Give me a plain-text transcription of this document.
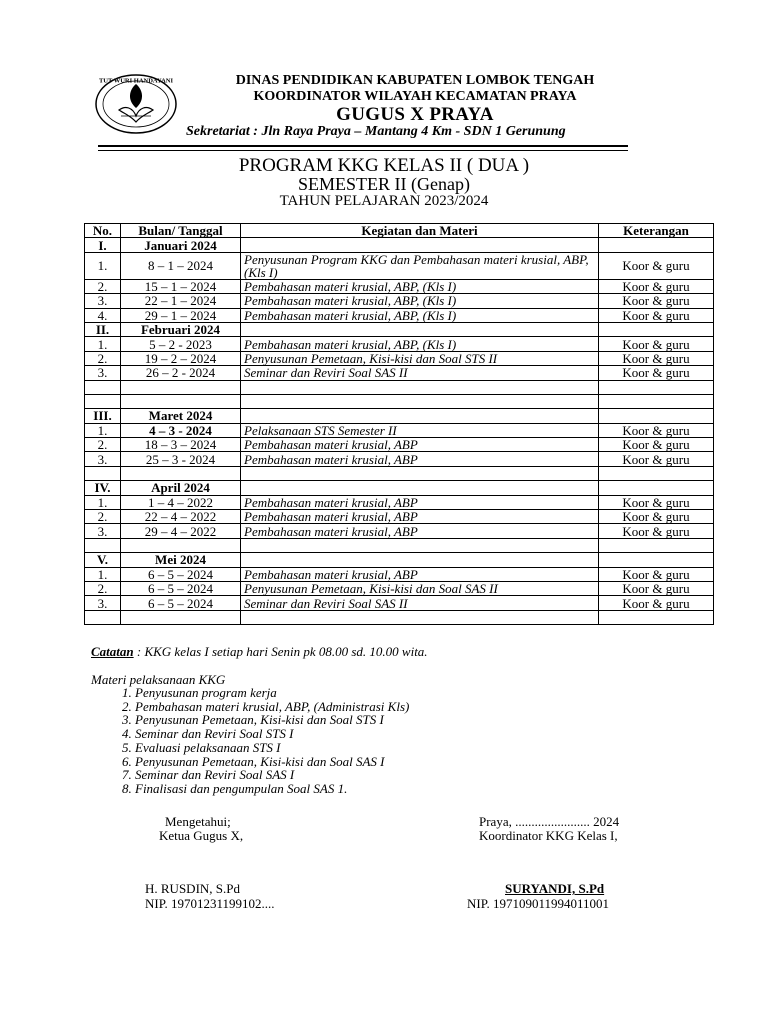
TUT WURI HANDAYANI	DINAS PENDIDIKAN KABUPATEN LOMBOK TENGAH
KOORDINATOR WILAYAH KECAMATAN PRAYA
GUGUS X PRAYA
Sekretariat : Jln Raya Praya – Mantang 4 Km - SDN 1 Gerunung
PROGRAM KKG KELAS II ( DUA )
SEMESTER II (Genap)
TAHUN PELAJARAN 2023/2024
No.	Bulan/ Tanggal	Kegiatan dan Materi	Keterangan
I.	Januari 2024		
1.	8 – 1 – 2024	Penyusunan Program KKG dan Pembahasan materi krusial, ABP, (Kls I)	Koor & guru
2.	15 – 1 – 2024	Pembahasan materi krusial, ABP, (Kls I)	Koor & guru
3.	22 – 1 – 2024	Pembahasan materi krusial, ABP, (Kls I)	Koor & guru
4.	29 – 1 – 2024	Pembahasan materi krusial, ABP, (Kls I)	Koor & guru
II.	Februari 2024		
1.	5 – 2 - 2023	Pembahasan materi krusial, ABP, (Kls I)	Koor & guru
2.	19 – 2 – 2024	Penyusunan Pemetaan, Kisi-kisi dan Soal STS II	Koor & guru
3.	26 – 2 - 2024	Seminar dan Reviri Soal SAS II	Koor & guru

III.	Maret 2024		
1.	4 – 3 - 2024	Pelaksanaan STS Semester II	Koor & guru
2.	18 – 3 – 2024	Pembahasan materi krusial, ABP	Koor & guru
3.	25 – 3 - 2024	Pembahasan materi krusial, ABP	Koor & guru

IV.	April 2024		
1.	1 – 4 – 2022	Pembahasan materi krusial, ABP	Koor & guru
2.	22 – 4 – 2022	Pembahasan materi krusial, ABP	Koor & guru
3.	29 – 4 – 2022	Pembahasan materi krusial, ABP	Koor & guru

V.	Mei 2024		
1.	6 – 5 – 2024	Pembahasan materi krusial, ABP	Koor & guru
2.	6 – 5 – 2024	Penyusunan Pemetaan, Kisi-kisi dan Soal SAS II	Koor & guru
3.	6 – 5 – 2024	Seminar dan Reviri Soal SAS II	Koor & guru

Catatan : KKG kelas I setiap hari Senin pk 08.00 sd. 10.00 wita.
Materi pelaksanaan KKG
1. Penyusunan program kerja
2. Pembahasan materi krusial, ABP, (Administrasi Kls)
3. Penyusunan Pemetaan, Kisi-kisi dan Soal STS I
4. Seminar dan Reviri Soal STS I
5. Evaluasi pelaksanaan STS I
6. Penyusunan Pemetaan, Kisi-kisi dan Soal SAS I
7. Seminar dan Reviri Soal SAS I
8. Finalisasi dan pengumpulan Soal SAS 1.
Mengetahui;
Ketua Gugus X,
H. RUSDIN, S.Pd
NIP. 19701231199102....
Praya, ....................... 2024
Koordinator KKG Kelas I,
SURYANDI, S.Pd
NIP. 197109011994011001
